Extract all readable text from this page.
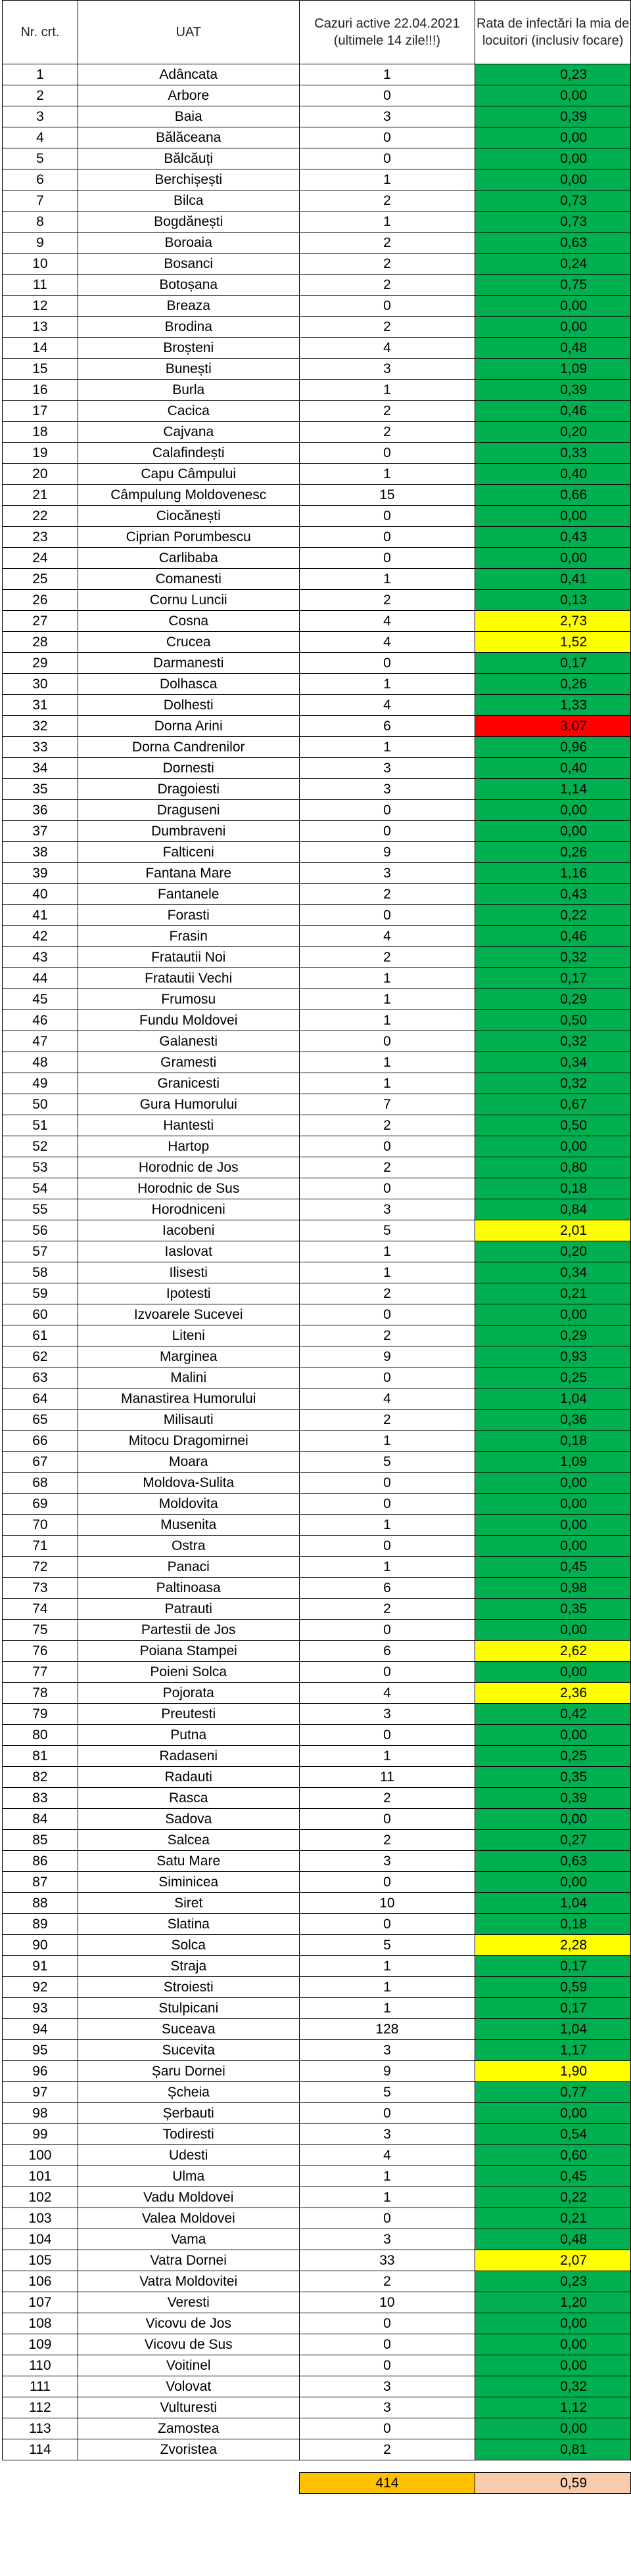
Nr. crt.	UAT	Cazuri active 22.04.2021 (ultimele 14 zile!!!)	Rata de infectări la mia de locuitori (inclusiv focare)
1	Adâncata	1	0,23
2	Arbore	0	0,00
3	Baia	3	0,39
4	Bălăceana	0	0,00
5	Bălcăuți	0	0,00
6	Berchișești	1	0,00
7	Bilca	2	0,73
8	Bogdănești	1	0,73
9	Boroaia	2	0,63
10	Bosanci	2	0,24
11	Botoșana	2	0,75
12	Breaza	0	0,00
13	Brodina	2	0,00
14	Broșteni	4	0,48
15	Bunești	3	1,09
16	Burla	1	0,39
17	Cacica	2	0,46
18	Cajvana	2	0,20
19	Calafindești	0	0,33
20	Capu Câmpului	1	0,40
21	Câmpulung Moldovenesc	15	0,66
22	Ciocănești	0	0,00
23	Ciprian Porumbescu	0	0,43
24	Carlibaba	0	0,00
25	Comanesti	1	0,41
26	Cornu Luncii	2	0,13
27	Cosna	4	2,73
28	Crucea	4	1,52
29	Darmanesti	0	0,17
30	Dolhasca	1	0,26
31	Dolhesti	4	1,33
32	Dorna Arini	6	3,07
33	Dorna Candrenilor	1	0,96
34	Dornesti	3	0,40
35	Dragoiesti	3	1,14
36	Draguseni	0	0,00
37	Dumbraveni	0	0,00
38	Falticeni	9	0,26
39	Fantana Mare	3	1,16
40	Fantanele	2	0,43
41	Forasti	0	0,22
42	Frasin	4	0,46
43	Fratautii Noi	2	0,32
44	Fratautii Vechi	1	0,17
45	Frumosu	1	0,29
46	Fundu Moldovei	1	0,50
47	Galanesti	0	0,32
48	Gramesti	1	0,34
49	Granicesti	1	0,32
50	Gura Humorului	7	0,67
51	Hantesti	2	0,50
52	Hartop	0	0,00
53	Horodnic de Jos	2	0,80
54	Horodnic de Sus	0	0,18
55	Horodniceni	3	0,84
56	Iacobeni	5	2,01
57	Iaslovat	1	0,20
58	Ilisesti	1	0,34
59	Ipotesti	2	0,21
60	Izvoarele Sucevei	0	0,00
61	Liteni	2	0,29
62	Marginea	9	0,93
63	Malini	0	0,25
64	Manastirea Humorului	4	1,04
65	Milisauti	2	0,36
66	Mitocu Dragomirnei	1	0,18
67	Moara	5	1,09
68	Moldova-Sulita	0	0,00
69	Moldovita	0	0,00
70	Musenita	1	0,00
71	Ostra	0	0,00
72	Panaci	1	0,45
73	Paltinoasa	6	0,98
74	Patrauti	2	0,35
75	Partestii de Jos	0	0,00
76	Poiana Stampei	6	2,62
77	Poieni Solca	0	0,00
78	Pojorata	4	2,36
79	Preutesti	3	0,42
80	Putna	0	0,00
81	Radaseni	1	0,25
82	Radauti	11	0,35
83	Rasca	2	0,39
84	Sadova	0	0,00
85	Salcea	2	0,27
86	Satu Mare	3	0,63
87	Siminicea	0	0,00
88	Siret	10	1,04
89	Slatina	0	0,18
90	Solca	5	2,28
91	Straja	1	0,17
92	Stroiesti	1	0,59
93	Stulpicani	1	0,17
94	Suceava	128	1,04
95	Sucevita	3	1,17
96	Șaru Dornei	9	1,90
97	Șcheia	5	0,77
98	Șerbauti	0	0,00
99	Todiresti	3	0,54
100	Udesti	4	0,60
101	Ulma	1	0,45
102	Vadu Moldovei	1	0,22
103	Valea Moldovei	0	0,21
104	Vama	3	0,48
105	Vatra Dornei	33	2,07
106	Vatra Moldovitei	2	0,23
107	Veresti	10	1,20
108	Vicovu de Jos	0	0,00
109	Vicovu de Sus	0	0,00
110	Voitinel	0	0,00
111	Volovat	3	0,32
112	Vulturesti	3	1,12
113	Zamostea	0	0,00
114	Zvoristea	2	0,81

		414	0,59
